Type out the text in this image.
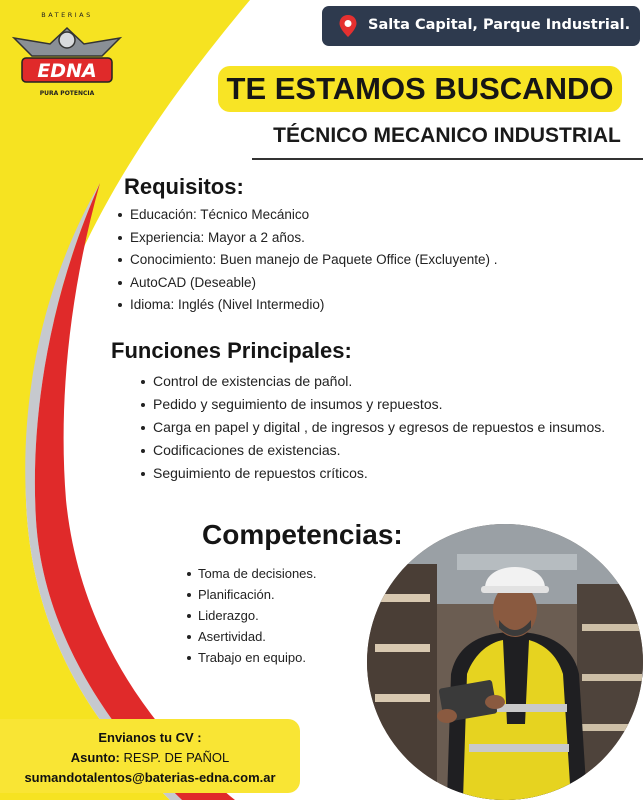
BATERIAS
EDNA
PURA POTENCIA
Salta Capital, Parque Industrial.
TE ESTAMOS BUSCANDO
TÉCNICO MECANICO INDUSTRIAL
Requisitos:
Educación: Técnico Mecánico
Experiencia: Mayor a 2 años.
Conocimiento: Buen manejo de Paquete Office (Excluyente) .
AutoCAD (Deseable)
Idioma: Inglés (Nivel Intermedio)
Funciones Principales:
Control de existencias de pañol.
Pedido y seguimiento de insumos y repuestos.
Carga en papel y digital , de ingresos y egresos de repuestos e insumos.
Codificaciones de existencias.
Seguimiento de repuestos críticos.
Competencias:
Toma de decisiones.
Planificación.
Liderazgo.
Asertividad.
Trabajo en equipo.
Envianos tu CV :
Asunto: RESP. DE PAÑOL
sumandotalentos@baterias-edna.com.ar
